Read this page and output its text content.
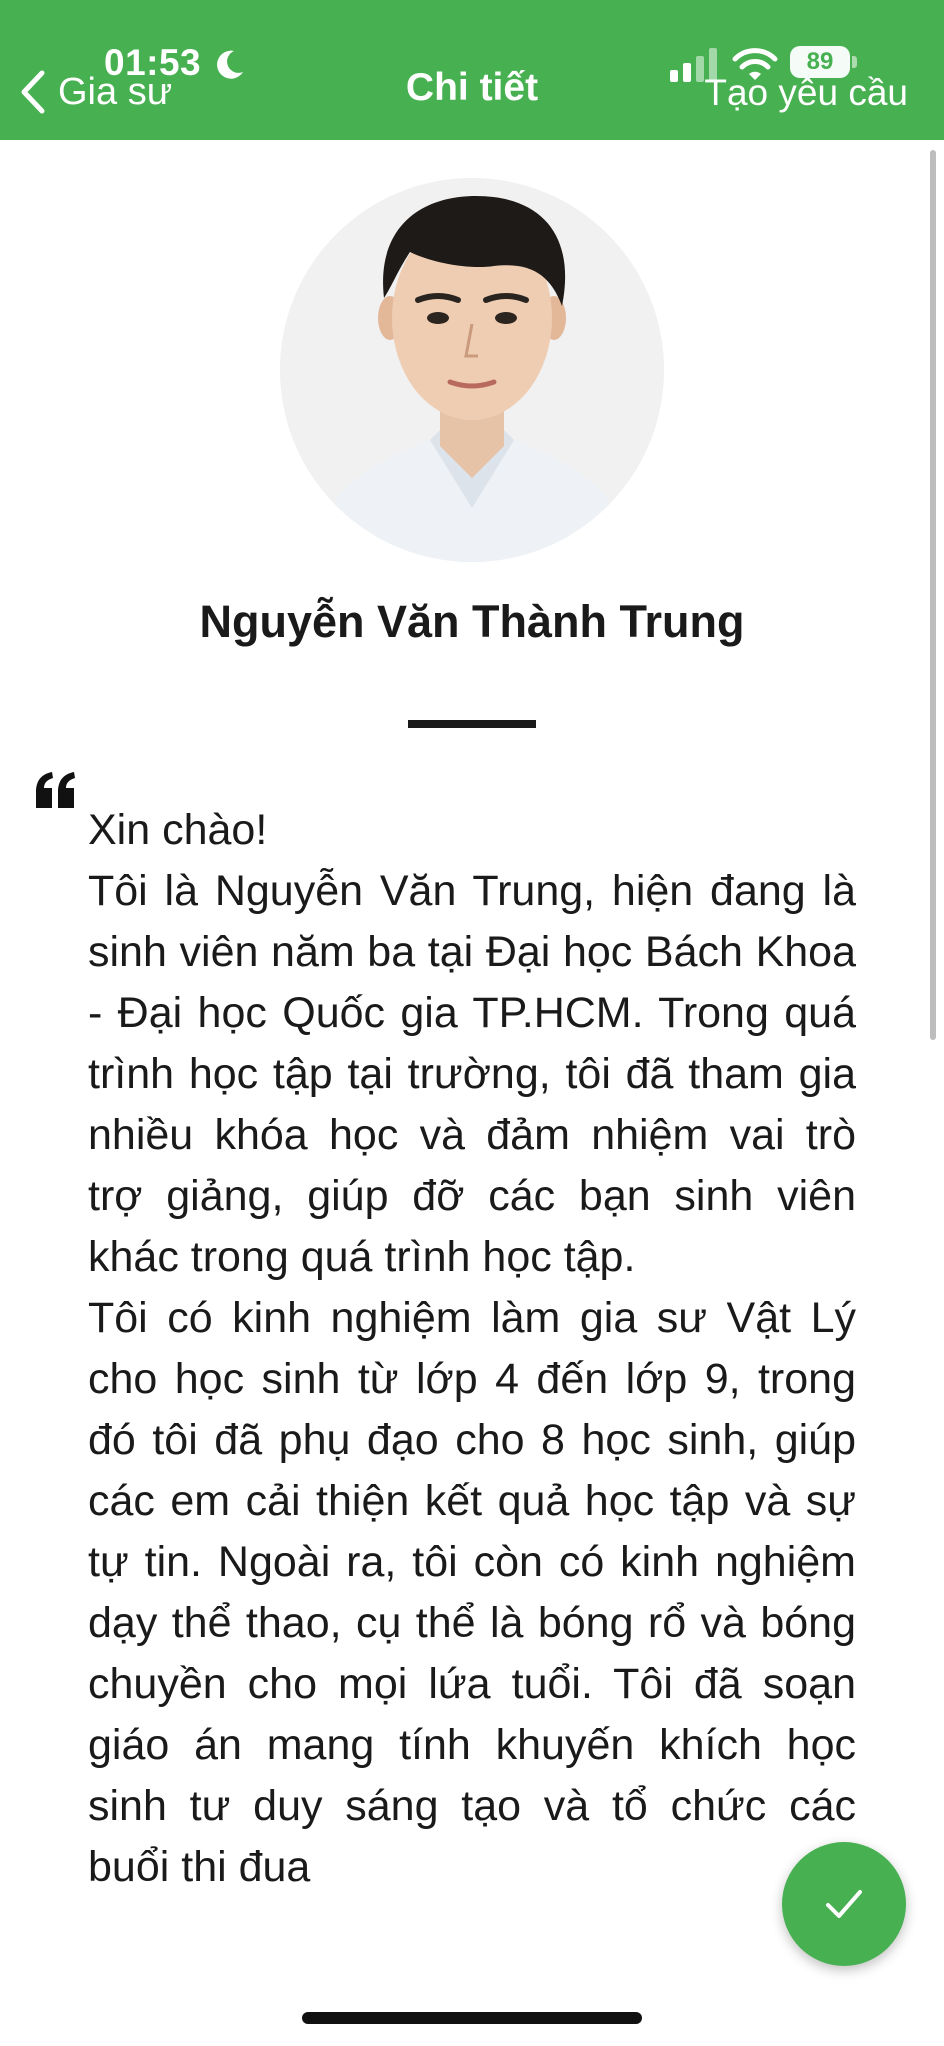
01:53
Gia sư	Chi tiết
89
Tạo yêu cầu
Nguyễn Văn Thành Trung

Xin chào!

Tôi là Nguyễn Văn Trung, hiện đang là sinh viên năm ba tại Đại học Bách Khoa - Đại học Quốc gia TP.HCM. Trong quá trình học tập tại trường, tôi đã tham gia nhiều khóa học và đảm nhiệm vai trò trợ giảng, giúp đỡ các bạn sinh viên khác trong quá trình học tập.

Tôi có kinh nghiệm làm gia sư Vật Lý cho học sinh từ lớp 4 đến lớp 9, trong đó tôi đã phụ đạo cho 8 học sinh, giúp các em cải thiện kết quả học tập và sự tự tin. Ngoài ra, tôi còn có kinh nghiệm dạy thể thao, cụ thể là bóng rổ và bóng chuyền cho mọi lứa tuổi. Tôi đã soạn giáo án mang tính khuyến khích học sinh tư duy sáng tạo và tổ chức các buổi thi đua
